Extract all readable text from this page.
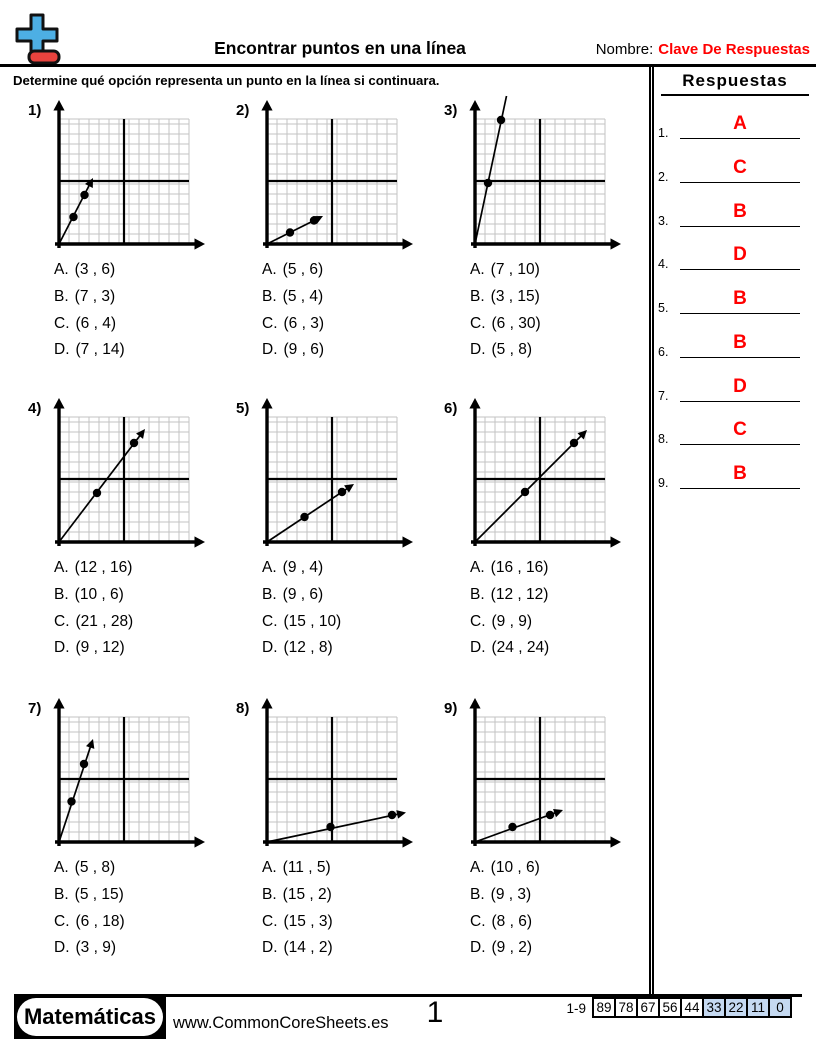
Encontrar puntos en una línea	Nombre: Clave De Respuestas
Determine qué opción representa un punto en la línea si continuara.	Respuestas
1.	A
2.	C
3.	B
4.	D
5.	B
6.	B
7.	D
8.	C
9.	B
1)
A. (3 , 6)
B. (7 , 3)
C. (6 , 4)
D. (7 , 14)
2)
A. (5 , 6)
B. (5 , 4)
C. (6 , 3)
D. (9 , 6)
3)
A. (7 , 10)
B. (3 , 15)
C. (6 , 30)
D. (5 , 8)
4)
A. (12 , 16)
B. (10 , 6)
C. (21 , 28)
D. (9 , 12)
5)
A. (9 , 4)
B. (9 , 6)
C. (15 , 10)
D. (12 , 8)
6)
A. (16 , 16)
B. (12 , 12)
C. (9 , 9)
D. (24 , 24)
7)
A. (5 , 8)
B. (5 , 15)
C. (6 , 18)
D. (3 , 9)
8)
A. (11 , 5)
B. (15 , 2)
C. (15 , 3)
D. (14 , 2)
9)
A. (10 , 6)
B. (9 , 3)
C. (8 , 6)
D. (9 , 2)
Matemáticas	www.CommonCoreSheets.es	1	1-9 89 78 67 56 44 33 22 11 0
